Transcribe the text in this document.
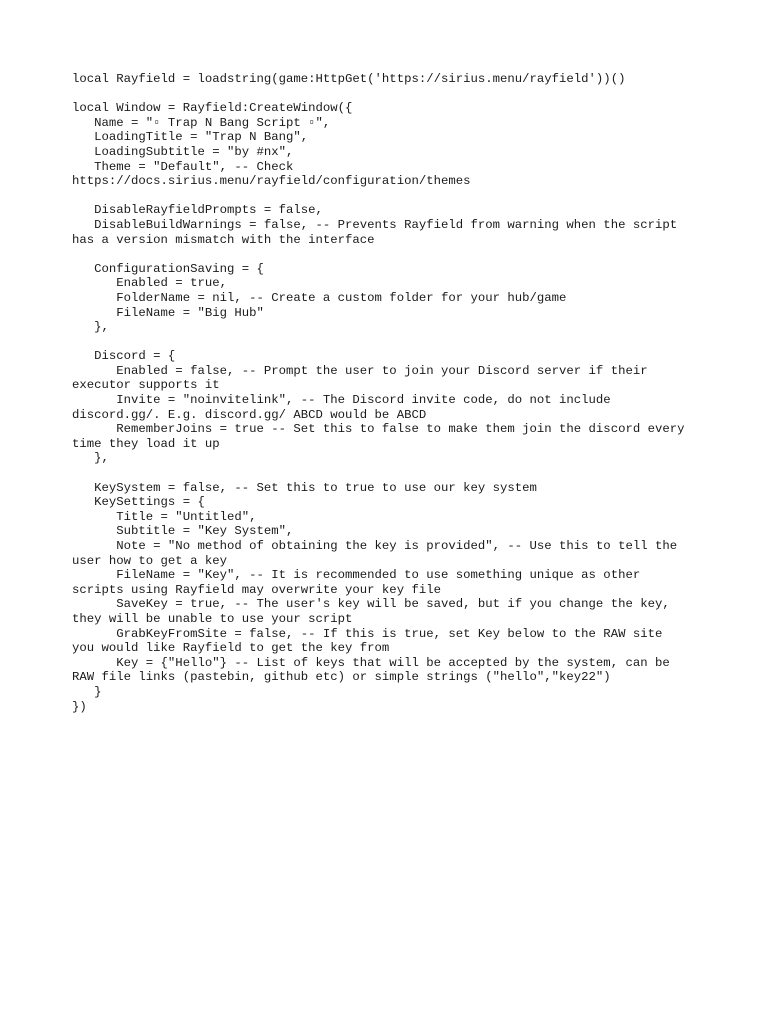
local Rayfield = loadstring(game:HttpGet('https://sirius.menu/rayfield'))()
local Window = Rayfield:CreateWindow({
Name = "▫ Trap N Bang Script ▫",
LoadingTitle = "Trap N Bang",
LoadingSubtitle = "by #nx",
Theme = "Default", -- Check
https://docs.sirius.menu/rayfield/configuration/themes
DisableRayfieldPrompts = false,
DisableBuildWarnings = false, -- Prevents Rayfield from warning when the script
has a version mismatch with the interface
ConfigurationSaving = {
Enabled = true,
FolderName = nil, -- Create a custom folder for your hub/game
FileName = "Big Hub"
},
Discord = {
Enabled = false, -- Prompt the user to join your Discord server if their
executor supports it
Invite = "noinvitelink", -- The Discord invite code, do not include
discord.gg/. E.g. discord.gg/ ABCD would be ABCD
RememberJoins = true -- Set this to false to make them join the discord every
time they load it up
},
KeySystem = false, -- Set this to true to use our key system
KeySettings = {
Title = "Untitled",
Subtitle = "Key System",
Note = "No method of obtaining the key is provided", -- Use this to tell the
user how to get a key
FileName = "Key", -- It is recommended to use something unique as other
scripts using Rayfield may overwrite your key file
SaveKey = true, -- The user's key will be saved, but if you change the key,
they will be unable to use your script
GrabKeyFromSite = false, -- If this is true, set Key below to the RAW site
you would like Rayfield to get the key from
Key = {"Hello"} -- List of keys that will be accepted by the system, can be
RAW file links (pastebin, github etc) or simple strings ("hello","key22")
}
})
